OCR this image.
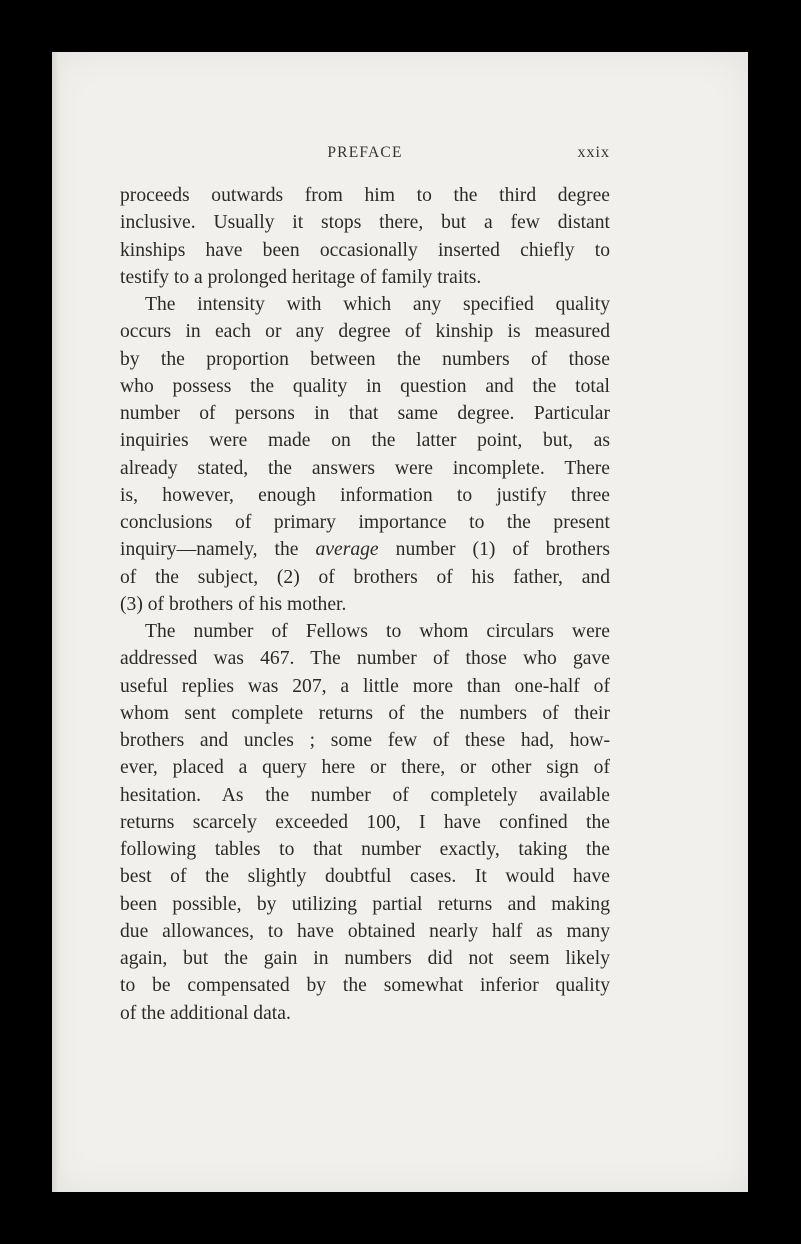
PREFACE	xxix
proceeds outwards from him to the third degree
inclusive. Usually it stops there, but a few distant
kinships have been occasionally inserted chiefly to
testify to a prolonged heritage of family traits.
The intensity with which any specified quality
occurs in each or any degree of kinship is measured
by the proportion between the numbers of those
who possess the quality in question and the total
number of persons in that same degree. Particular
inquiries were made on the latter point, but, as
already stated, the answers were incomplete. There
is, however, enough information to justify three
conclusions of primary importance to the present
inquiry—namely, the average number (1) of brothers
of the subject, (2) of brothers of his father, and
(3) of brothers of his mother.
The number of Fellows to whom circulars were
addressed was 467. The number of those who gave
useful replies was 207, a little more than one-half of
whom sent complete returns of the numbers of their
brothers and uncles ; some few of these had, how-
ever, placed a query here or there, or other sign of
hesitation. As the number of completely available
returns scarcely exceeded 100, I have confined the
following tables to that number exactly, taking the
best of the slightly doubtful cases. It would have
been possible, by utilizing partial returns and making
due allowances, to have obtained nearly half as many
again, but the gain in numbers did not seem likely
to be compensated by the somewhat inferior quality
of the additional data.
